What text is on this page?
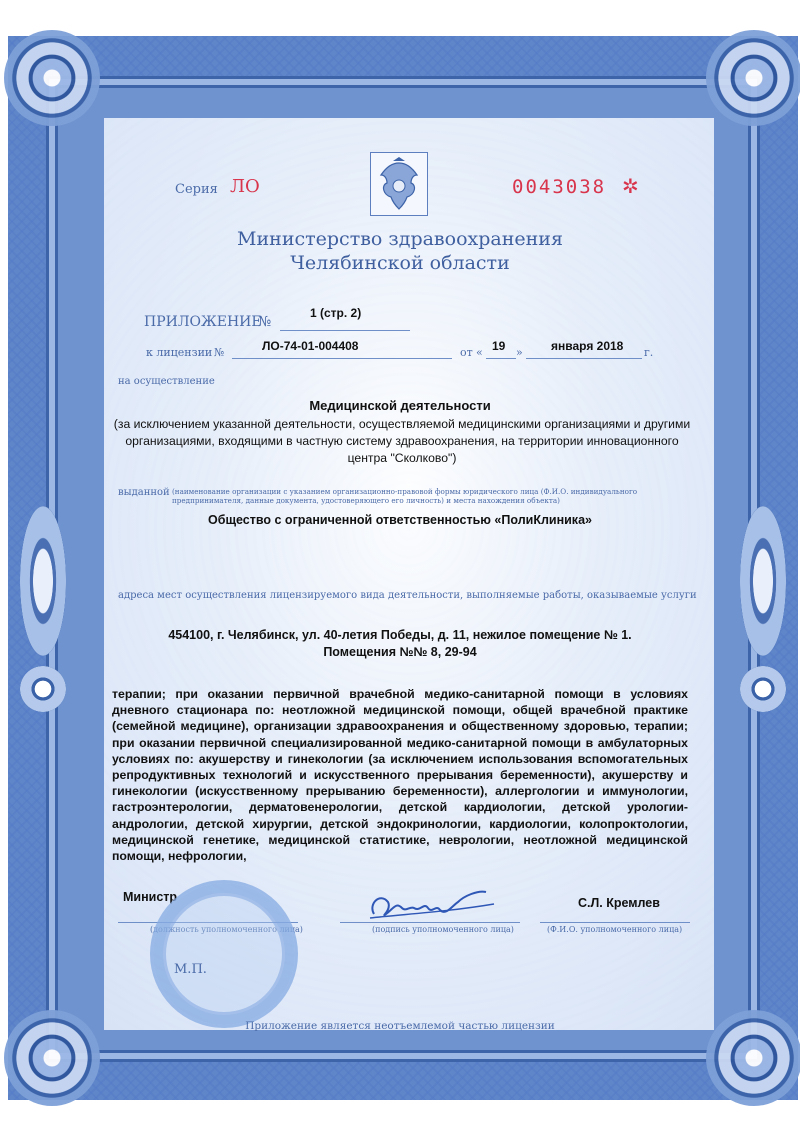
Серия ЛО	0043038 ✲
Министерство здравоохранения
Челябинской области
ПРИЛОЖЕНИЕ
№
1 (стр. 2)
к лицензии №	ЛО-74-01-004408	от « 19 » января 2018 г.
на осуществление
Медицинской деятельности
(за исключением указанной деятельности, осуществляемой медицинскими организациями и другими организациями, входящими в частную систему здравоохранения, на территории инновационного центра "Сколково")
выданной (наименование организации с указанием организационно-правовой формы юридического лица (Ф.И.О. индивидуального предпринимателя, данные документа, удостоверяющего его личность) и места нахождения объекта)
Общество с ограниченной ответственностью «ПолиКлиника»
адреса мест осуществления лицензируемого вида деятельности, выполняемые работы, оказываемые услуги
454100, г. Челябинск, ул. 40-летия Победы, д. 11, нежилое помещение № 1.
Помещения №№ 8, 29-94
терапии; при оказании первичной врачебной медико-санитарной помощи в условиях дневного стационара по: неотложной медицинской помощи, общей врачебной практике (семейной медицине), организации здравоохранения и общественному здоровью, терапии; при оказании первичной специализированной медико-санитарной помощи в амбулаторных условиях по: акушерству и гинекологии (за исключением использования вспомогательных репродуктивных технологий и искусственного прерывания беременности), акушерству и гинекологии (искусственному прерыванию беременности), аллергологии и иммунологии, гастроэнтерологии, дерматовенерологии, детской кардиологии, детской урологии-андрологии, детской хирургии, детской эндокринологии, кардиологии, колопроктологии, медицинской генетике, медицинской статистике, неврологии, неотложной медицинской помощи, нефрологии,
Министр
(должность уполномоченного лица)	(подпись уполномоченного лица)
С.Л. Кремлев
(Ф.И.О. уполномоченного лица)
М.П.
Приложение является неотъемлемой частью лицензии
